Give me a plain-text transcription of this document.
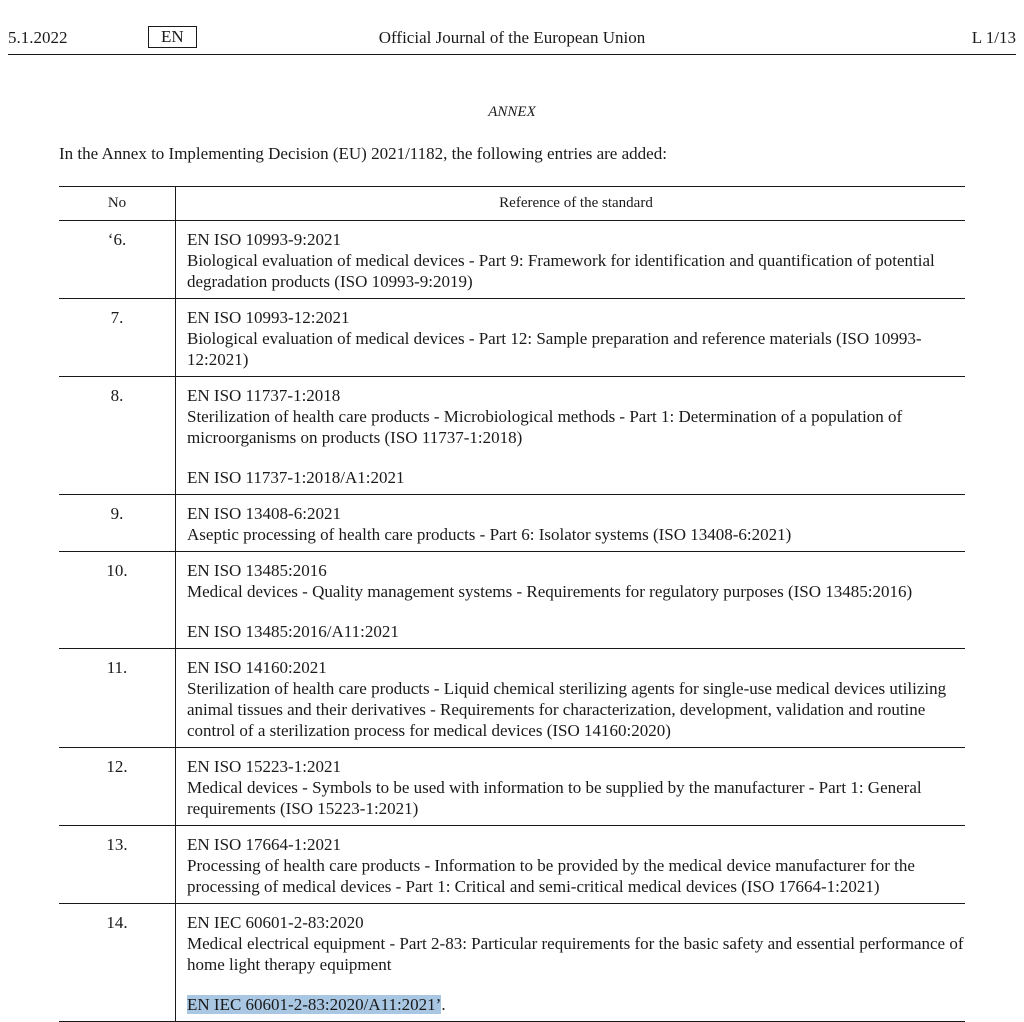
5.1.2022	EN	Official Journal of the European Union	L 1/13
ANNEX
In the Annex to Implementing Decision (EU) 2021/1182, the following entries are added:
No	Reference of the standard
‘6.	EN ISO 10993-9:2021
Biological evaluation of medical devices - Part 9: Framework for identification and quantification of potential degradation products (ISO 10993-9:2019)

7.	EN ISO 10993-12:2021
Biological evaluation of medical devices - Part 12: Sample preparation and reference materials (ISO 10993-12:2021)

8.	EN ISO 11737-1:2018
Sterilization of health care products - Microbiological methods - Part 1: Determination of a population of microorganisms on products (ISO 11737-1:2018)
EN ISO 11737-1:2018/A1:2021

9.	EN ISO 13408-6:2021
Aseptic processing of health care products - Part 6: Isolator systems (ISO 13408-6:2021)

10.	EN ISO 13485:2016
Medical devices - Quality management systems - Requirements for regulatory purposes (ISO 13485:2016)
EN ISO 13485:2016/A11:2021

11.	EN ISO 14160:2021
Sterilization of health care products - Liquid chemical sterilizing agents for single-use medical devices utilizing animal tissues and their derivatives - Requirements for characterization, development, validation and routine control of a sterilization process for medical devices (ISO 14160:2020)

12.	EN ISO 15223-1:2021
Medical devices - Symbols to be used with information to be supplied by the manufacturer - Part 1: General requirements (ISO 15223-1:2021)

13.	EN ISO 17664-1:2021
Processing of health care products - Information to be provided by the medical device manufacturer for the processing of medical devices - Part 1: Critical and semi-critical medical devices (ISO 17664-1:2021)

14.	EN IEC 60601-2-83:2020
Medical electrical equipment - Part 2-83: Particular requirements for the basic safety and essential performance of home light therapy equipment
EN IEC 60601-2-83:2020/A11:2021’.
